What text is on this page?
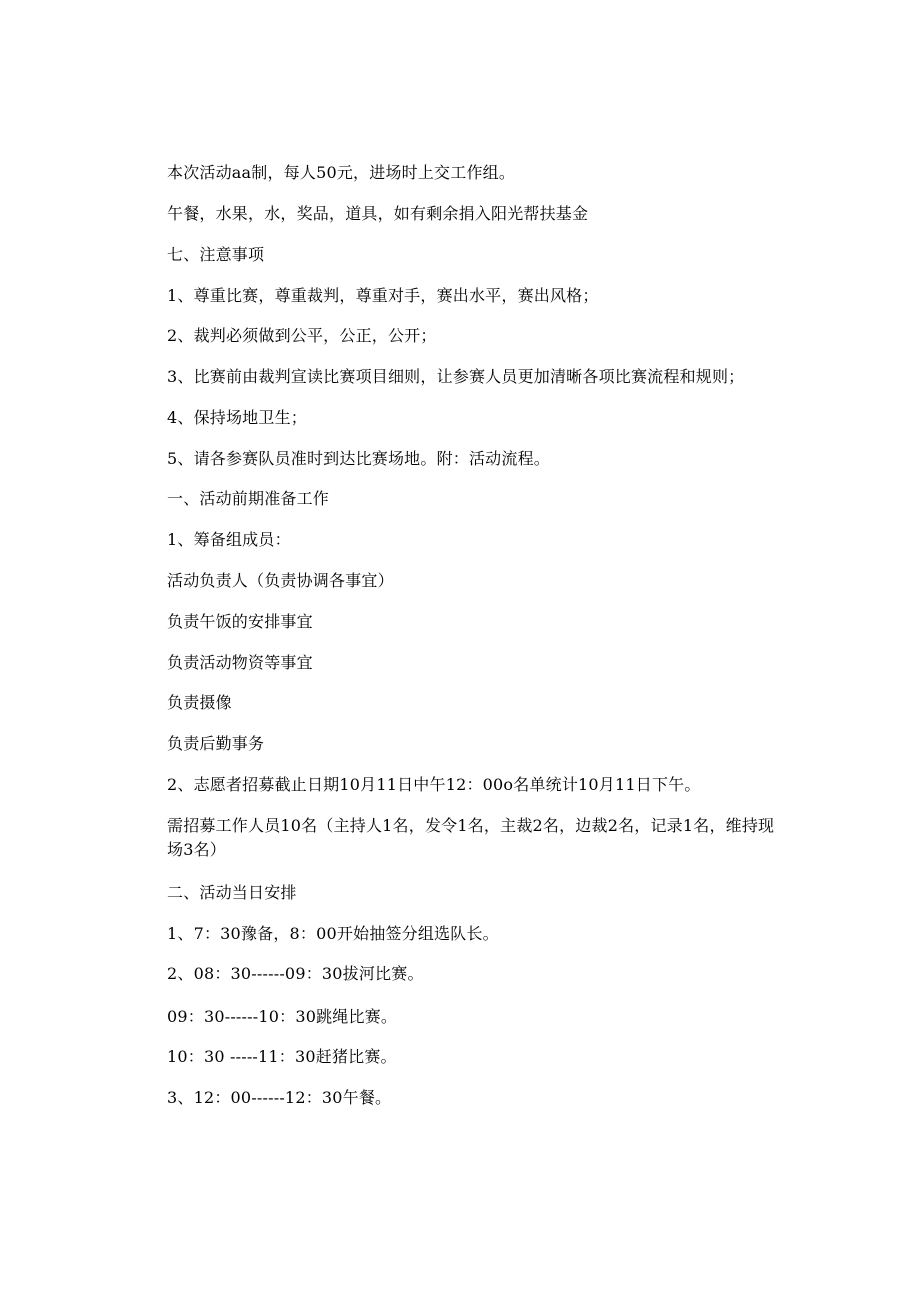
本次活动aa制，每人50元，进场时上交工作组。
午餐，水果，水，奖品，道具，如有剩余捐入阳光帮扶基金
七、注意事项
1、尊重比赛，尊重裁判，尊重对手，赛出水平，赛出风格；
2、裁判必须做到公平，公正，公开；
3、比赛前由裁判宣读比赛项目细则，让参赛人员更加清晰各项比赛流程和规则；
4、保持场地卫生；
5、请各参赛队员准时到达比赛场地。附：活动流程。
一、活动前期准备工作
1、筹备组成员：
活动负责人（负责协调各事宜）
负责午饭的安排事宜
负责活动物资等事宜
负责摄像
负责后勤事务
2、志愿者招募截止日期10月11日中午12：00o名单统计10月11日下午。
需招募工作人员10名（主持人1名，发令1名，主裁2名，边裁2名，记录1名，维持现场3名）
二、活动当日安排
1、7：30豫备，8：00开始抽签分组选队长。
2、08：30------09：30拔河比赛。
09：30------10：30跳绳比赛。
10：30 -----11：30赶猪比赛。
3、12：00------12：30午餐。
